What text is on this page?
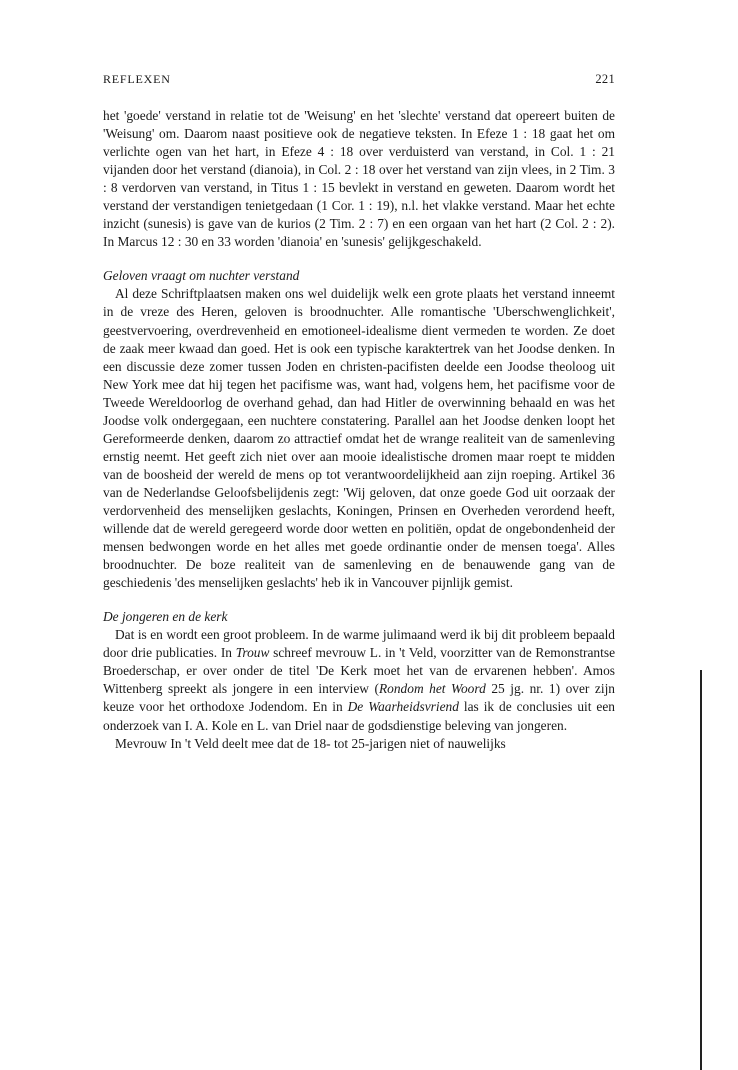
REFLEXEN	221

het 'goede' verstand in relatie tot de 'Weisung' en het 'slechte' verstand dat opereert buiten de 'Weisung' om. Daarom naast positieve ook de negatieve teksten. In Efeze 1 : 18 gaat het om verlichte ogen van het hart, in Efeze 4 : 18 over verduisterd van verstand, in Col. 1 : 21 vijanden door het verstand (dianoia), in Col. 2 : 18 over het verstand van zijn vlees, in 2 Tim. 3 : 8 verdorven van verstand, in Titus 1 : 15 bevlekt in verstand en geweten. Daarom wordt het verstand der verstandigen tenietgedaan (1 Cor. 1 : 19), n.l. het vlakke verstand. Maar het echte inzicht (sunesis) is gave van de kurios (2 Tim. 2 : 7) en een orgaan van het hart (2 Col. 2 : 2). In Marcus 12 : 30 en 33 worden 'dianoia' en 'sunesis' gelijkgeschakeld.

Geloven vraagt om nuchter verstand

Al deze Schriftplaatsen maken ons wel duidelijk welk een grote plaats het verstand inneemt in de vreze des Heren, geloven is broodnuchter. Alle romantische 'Uberschwenglichkeit', geestvervoering, overdrevenheid en emotioneel-idealisme dient vermeden te worden. Ze doet de zaak meer kwaad dan goed. Het is ook een typische karaktertrek van het Joodse denken. In een discussie deze zomer tussen Joden en christen-pacifisten deelde een Joodse theoloog uit New York mee dat hij tegen het pacifisme was, want had, volgens hem, het pacifisme voor de Tweede Wereldoorlog de overhand gehad, dan had Hitler de overwinning behaald en was het Joodse volk ondergegaan, een nuchtere constatering. Parallel aan het Joodse denken loopt het Gereformeerde denken, daarom zo attractief omdat het de wrange realiteit van de samenleving ernstig neemt. Het geeft zich niet over aan mooie idealistische dromen maar roept te midden van de boosheid der wereld de mens op tot verantwoordelijkheid aan zijn roeping. Artikel 36 van de Nederlandse Geloofsbelijdenis zegt: 'Wij geloven, dat onze goede God uit oorzaak der verdorvenheid des menselijken geslachts, Koningen, Prinsen en Overheden verordend heeft, willende dat de wereld geregeerd worde door wetten en politiën, opdat de ongebondenheid der mensen bedwongen worde en het alles met goede ordinantie onder de mensen toega'. Alles broodnuchter. De boze realiteit van de samenleving en de benauwende gang van de geschiedenis 'des menselijken geslachts' heb ik in Vancouver pijnlijk gemist.

De jongeren en de kerk

Dat is en wordt een groot probleem. In de warme julimaand werd ik bij dit probleem bepaald door drie publicaties. In Trouw schreef mevrouw L. in 't Veld, voorzitter van de Remonstrantse Broederschap, er over onder de titel 'De Kerk moet het van de ervarenen hebben'. Amos Wittenberg spreekt als jongere in een interview (Rondom het Woord 25 jg. nr. 1) over zijn keuze voor het orthodoxe Jodendom. En in De Waarheidsvriend las ik de conclusies uit een onderzoek van I. A. Kole en L. van Driel naar de godsdienstige beleving van jongeren.

Mevrouw In 't Veld deelt mee dat de 18- tot 25-jarigen niet of nauwelijks
